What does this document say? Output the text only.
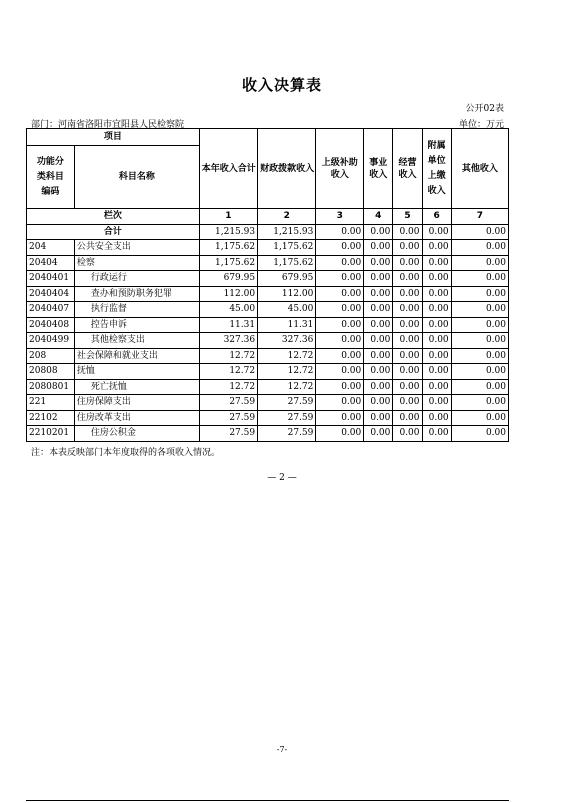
收入决算表
公开02表
部门：河南省洛阳市宜阳县人民检察院	单位：万元
项目		本年收入合计	财政拨款收入	上级补助收入	事业收入	经营收入	附属单位上缴收入	其他收入
功能分类科目编码	科目名称							
栏次		1	2	3	4	5	6	7
合计		1,215.93	1,215.93	0.00	0.00	0.00	0.00	0.00
204	公共安全支出	1,175.62	1,175.62	0.00	0.00	0.00	0.00	0.00
20404	检察	1,175.62	1,175.62	0.00	0.00	0.00	0.00	0.00
2040401	行政运行	679.95	679.95	0.00	0.00	0.00	0.00	0.00
2040404	查办和预防职务犯罪	112.00	112.00	0.00	0.00	0.00	0.00	0.00
2040407	执行监督	45.00	45.00	0.00	0.00	0.00	0.00	0.00
2040408	控告申诉	11.31	11.31	0.00	0.00	0.00	0.00	0.00
2040499	其他检察支出	327.36	327.36	0.00	0.00	0.00	0.00	0.00
208	社会保障和就业支出	12.72	12.72	0.00	0.00	0.00	0.00	0.00
20808	抚恤	12.72	12.72	0.00	0.00	0.00	0.00	0.00
2080801	死亡抚恤	12.72	12.72	0.00	0.00	0.00	0.00	0.00
221	住房保障支出	27.59	27.59	0.00	0.00	0.00	0.00	0.00
22102	住房改革支出	27.59	27.59	0.00	0.00	0.00	0.00	0.00
2210201	住房公积金	27.59	27.59	0.00	0.00	0.00	0.00	0.00
注：本表反映部门本年度取得的各项收入情况。
— 2 —
-7-
